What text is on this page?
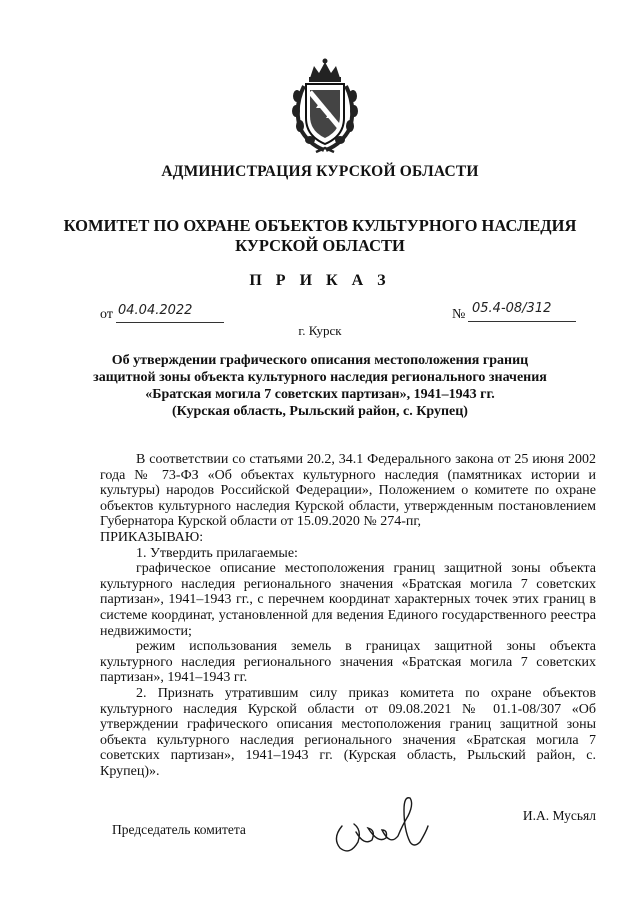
АДМИНИСТРАЦИЯ КУРСКОЙ ОБЛАСТИ
КОМИТЕТ ПО ОХРАНЕ ОБЪЕКТОВ КУЛЬТУРНОГО НАСЛЕДИЯ
КУРСКОЙ ОБЛАСТИ
П Р И К А З
от 04.04.2022	№ 05.4-08/312
г. Курск
Об утверждении графического описания местоположения границ
защитной зоны объекта культурного наследия регионального значения
«Братская могила 7 советских партизан», 1941–1943 гг.
(Курская область, Рыльский район, с. Крупец)

В соответствии со статьями 20.2, 34.1 Федерального закона от 25 июня 2002 года № 73-ФЗ «Об объектах культурного наследия (памятниках истории и культуры) народов Российской Федерации», Положением о комитете по охране объектов культурного наследия Курской области, утвержденным постановлением Губернатора Курской области от 15.09.2020 № 274-пг,

ПРИКАЗЫВАЮ:

1. Утвердить прилагаемые:

графическое описание местоположения границ защитной зоны объекта культурного наследия регионального значения «Братская могила 7 советских партизан», 1941–1943 гг., с перечнем координат характерных точек этих границ в системе координат, установленной для ведения Единого государственного реестра недвижимости;

режим использования земель в границах защитной зоны объекта культурного наследия регионального значения «Братская могила 7 советских партизан», 1941–1943 гг.

2. Признать утратившим силу приказ комитета по охране объектов культурного наследия Курской области от 09.08.2021 № 01.1-08/307 «Об утверждении графического описания местоположения границ защитной зоны объекта культурного наследия регионального значения «Братская могила 7 советских партизан», 1941–1943 гг. (Курская область, Рыльский район, с. Крупец)».

Председатель комитета
И.А. Мусьял
